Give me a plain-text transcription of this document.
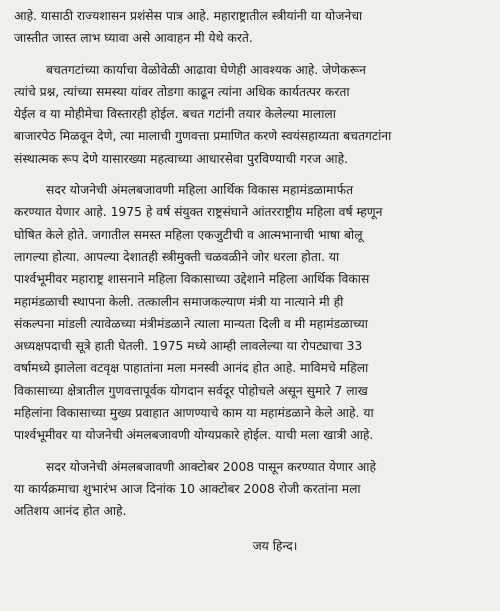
आहे. यासाठी राज्यशासन प्रशंसेस पात्र आहे. महाराष्ट्रातील स्त्रीयांनी या योजनेचा
जास्तीत जास्त लाभ घ्यावा असे आवाहन मी येथे करते.

बचतगटांच्या कार्याचा वेळोवेळी आढावा घेणेही आवश्यक आहे. जेणेकरून
त्यांचे प्रश्न, त्यांच्या समस्या यांवर तोडगा काढून त्यांना अधिक कार्यतत्पर करता
येईल व या मोहीमेचा विस्तारही होईल. बचत गटांनी तयार केलेल्या मालाला
बाजारपेठ मिळवून देणे, त्या मालाची गुणवत्ता प्रमाणित करणे स्वयंसहाय्यता बचतगटांना
संस्थात्मक रूप देणे यासारख्या महत्वाच्या आधारसेवा पुरविण्याची गरज आहे.

सदर योजनेची अंमलबजावणी महिला आर्थिक विकास महामंडळामार्फत
करण्यात येणार आहे. 1975 हे वर्ष संयुक्त राष्ट्रसंघाने आंतरराष्ट्रीय महिला वर्ष म्हणून
घोषित केले होते. जगातील समस्त महिला एकजुटीची व आत्मभानाची भाषा बोलू
लागल्या होत्या. आपल्या देशातही स्त्रीमुक्ती चळवळीने जोर धरला होता. या
पार्श्वभूमीवर महाराष्ट्र शासनाने महिला विकासाच्या उद्देशाने महिला आर्थिक विकास
महामंडळाची स्थापना केली. तत्कालीन समाजकल्याण मंत्री या नात्याने मी ही
संकल्पना मांडली त्यावेळच्या मंत्रीमंडळाने त्याला मान्यता दिली व मी महामंडळाच्या
अध्यक्षपदाची सूत्रे हाती घेतली. 1975 मध्ये आम्ही लावलेल्या या रोपट्याचा 33
वर्षामध्ये झालेला वटवृक्ष पाहातांना मला मनस्वी आनंद होत आहे. माविमचे महिला
विकासाच्या क्षेत्रातील गुणवत्तापूर्वक योगदान सर्वदूर पोहोचले असून सुमारे 7 लाख
महिलांना विकासाच्या मुख्य प्रवाहात आणण्याचे काम या महामंडळाने केले आहे. या
पार्श्वभूमीवर या योजनेची अंमलबजावणी योग्यप्रकारे होईल. याची मला खात्री आहे.

सदर योजनेची अंमलबजावणी आक्टोबर 2008 पासून करण्यात येणार आहे
या कार्यक्रमाचा शुभारंभ आज दिनांक 10 आक्टोबर 2008 रोजी करतांना मला
अतिशय आनंद होत आहे.

जय हिन्द।
